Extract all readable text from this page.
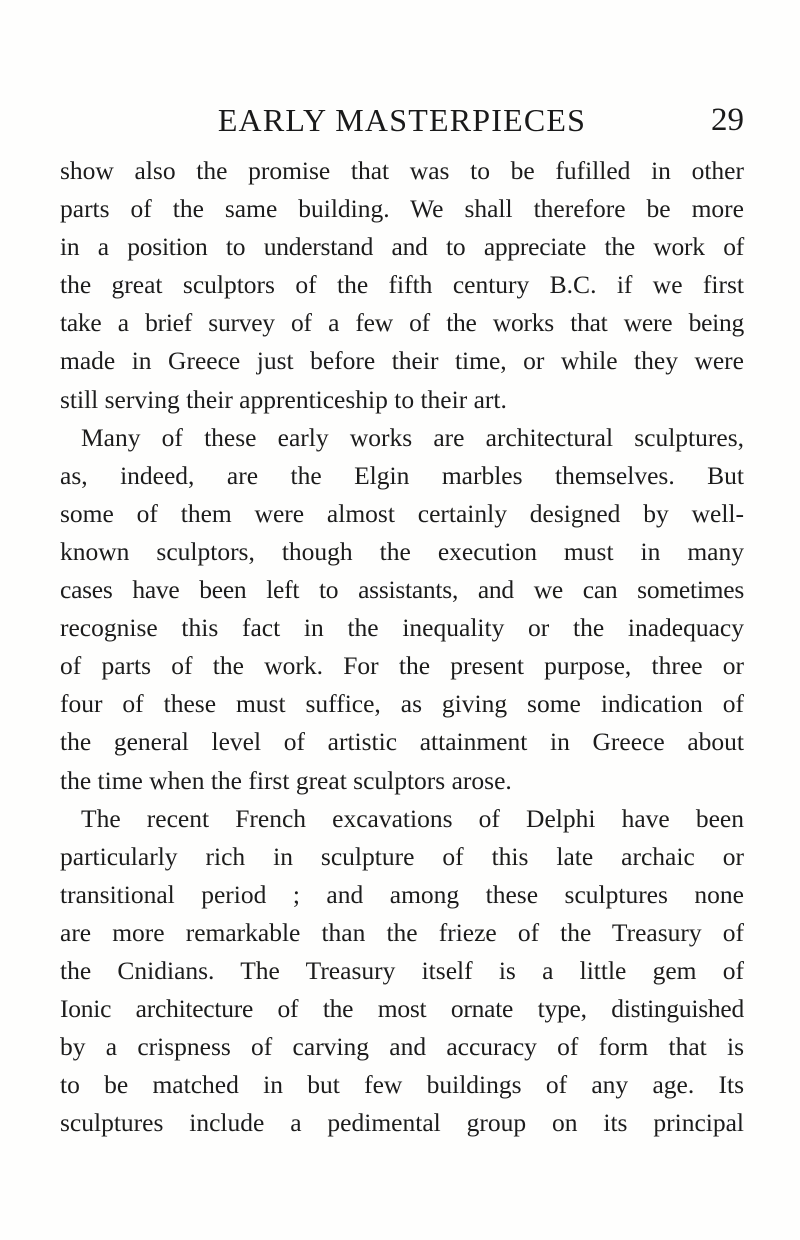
EARLY MASTERPIECES	29
show also the promise that was to be fufilled in other
parts of the same building. We shall therefore be more
in a position to understand and to appreciate the work of
the great sculptors of the fifth century B.C. if we first
take a brief survey of a few of the works that were being
made in Greece just before their time, or while they were
still serving their apprenticeship to their art.
Many of these early works are architectural sculptures,
as, indeed, are the Elgin marbles themselves. But
some of them were almost certainly designed by well-
known sculptors, though the execution must in many
cases have been left to assistants, and we can sometimes
recognise this fact in the inequality or the inadequacy
of parts of the work. For the present purpose, three or
four of these must suffice, as giving some indication of
the general level of artistic attainment in Greece about
the time when the first great sculptors arose.
The recent French excavations of Delphi have been
particularly rich in sculpture of this late archaic or
transitional period ; and among these sculptures none
are more remarkable than the frieze of the Treasury of
the Cnidians. The Treasury itself is a little gem of
Ionic architecture of the most ornate type, distinguished
by a crispness of carving and accuracy of form that is
to be matched in but few buildings of any age. Its
sculptures include a pedimental group on its principal
